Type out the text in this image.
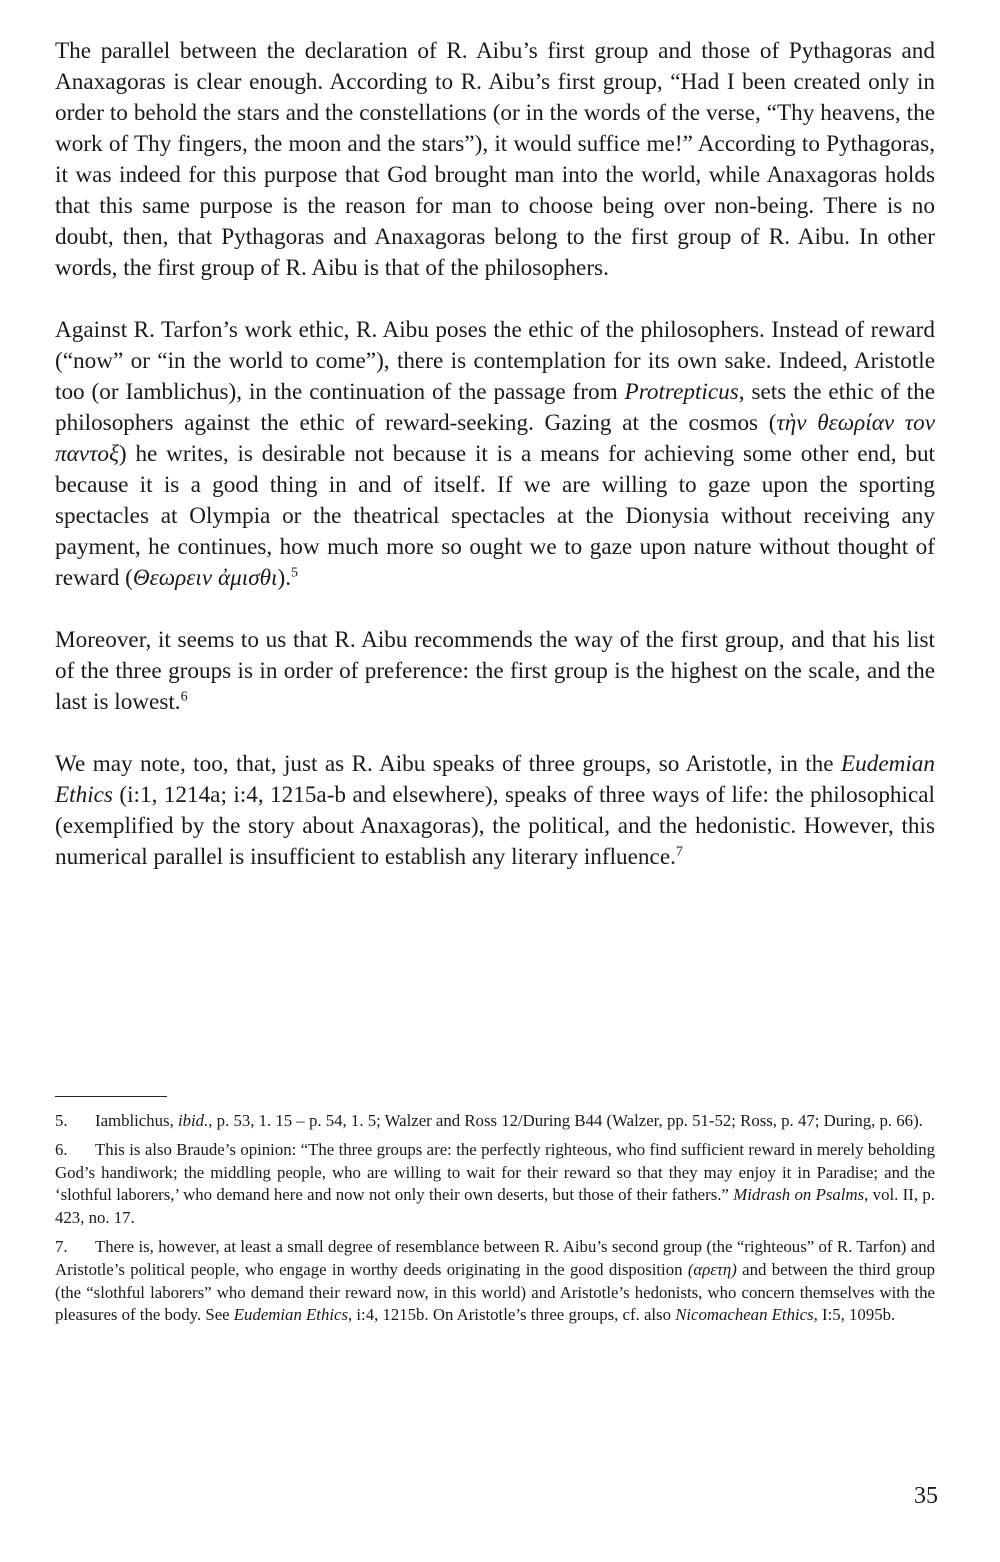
The parallel between the declaration of R. Aibu’s first group and those of Pythagoras and Anaxagoras is clear enough. According to R. Aibu’s first group, “Had I been created only in order to behold the stars and the constellations (or in the words of the verse, “Thy heavens, the work of Thy fingers, the moon and the stars”), it would suffice me!” According to Pythagoras, it was indeed for this purpose that God brought man into the world, while Anaxagoras holds that this same purpose is the reason for man to choose being over non-being. There is no doubt, then, that Pythagoras and Anaxagoras belong to the first group of R. Aibu. In other words, the first group of R. Aibu is that of the philosophers.

Against R. Tarfon’s work ethic, R. Aibu poses the ethic of the philosophers. Instead of reward (“now” or “in the world to come”), there is contemplation for its own sake. Indeed, Aristotle too (or Iamblichus), in the continuation of the passage from Protrepticus, sets the ethic of the philosophers against the ethic of reward-seeking. Gazing at the cosmos (τὴν θεωρίαν τον παντοξ) he writes, is desirable not because it is a means for achieving some other end, but because it is a good thing in and of itself. If we are willing to gaze upon the sporting spectacles at Olympia or the theatrical spectacles at the Dionysia without receiving any payment, he continues, how much more so ought we to gaze upon nature without thought of reward (Θεωρειν ἀμισθι).$^5$

Moreover, it seems to us that R. Aibu recommends the way of the first group, and that his list of the three groups is in order of preference: the first group is the highest on the scale, and the last is lowest.$^6$

We may note, too, that, just as R. Aibu speaks of three groups, so Aristotle, in the Eudemian Ethics (i:1, 1214a; i:4, 1215a-b and elsewhere), speaks of three ways of life: the philosophical (exemplified by the story about Anaxagoras), the political, and the hedonistic. However, this numerical parallel is insufficient to establish any literary influence.$^7$

5. Iamblichus, ibid., p. 53, 1. 15 – p. 54, 1. 5; Walzer and Ross 12/During B44 (Walzer, pp. 51-52; Ross, p. 47; During, p. 66).

6. This is also Braude’s opinion: “The three groups are: the perfectly righteous, who find sufficient reward in merely beholding God’s handiwork; the middling people, who are willing to wait for their reward so that they may enjoy it in Paradise; and the ‘slothful laborers,’ who demand here and now not only their own deserts, but those of their fathers.” Midrash on Psalms, vol. II, p. 423, no. 17.

7. There is, however, at least a small degree of resemblance between R. Aibu’s second group (the “righteous” of R. Tarfon) and Aristotle’s political people, who engage in worthy deeds originating in the good disposition (αρετη) and between the third group (the “slothful laborers” who demand their reward now, in this world) and Aristotle’s hedonists, who concern themselves with the pleasures of the body. See Eudemian Ethics, i:4, 1215b. On Aristotle’s three groups, cf. also Nicomachean Ethics, I:5, 1095b.

35
